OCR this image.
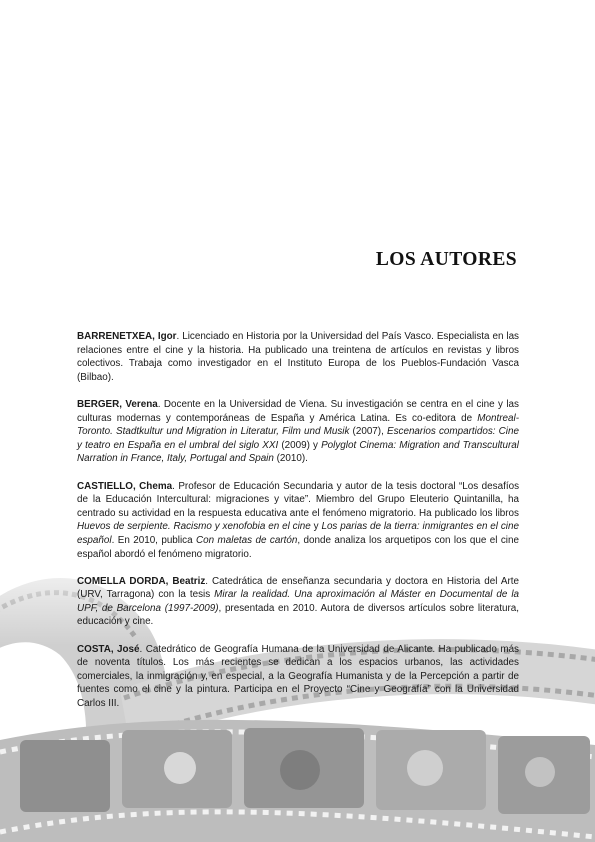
LOS AUTORES

BARRENETXEA, Igor. Licenciado en Historia por la Universidad del País Vasco. Especialista en las relaciones entre el cine y la historia. Ha publicado una treintena de artículos en revistas y libros colectivos. Trabaja como investigador en el Instituto Europa de los Pueblos-Fundación Vasca (Bilbao).

BERGER, Verena. Docente en la Universidad de Viena. Su investigación se centra en el cine y las culturas modernas y contemporáneas de España y América Latina. Es co-editora de Montreal-Toronto. Stadtkultur und Migration in Literatur, Film und Musik (2007), Escenarios compartidos: Cine y teatro en España en el umbral del siglo XXI (2009) y Polyglot Cinema: Migration and Transcultural Narration in France, Italy, Portugal and Spain (2010).

CASTIELLO, Chema. Profesor de Educación Secundaria y autor de la tesis doctoral “Los desafíos de la Educación Intercultural: migraciones y vitae”. Miembro del Grupo Eleuterio Quintanilla, ha centrado su actividad en la respuesta educativa ante el fenómeno migratorio. Ha publicado los libros Huevos de serpiente. Racismo y xenofobia en el cine y Los parias de la tierra: inmigrantes en el cine español. En 2010, publica Con maletas de cartón, donde analiza los arquetipos con los que el cine español abordó el fenómeno migratorio.

COMELLA DORDA, Beatriz. Catedrática de enseñanza secundaria y doctora en Historia del Arte (URV, Tarragona) con la tesis Mirar la realidad. Una aproximación al Máster en Documental de la UPF, de Barcelona (1997-2009), presentada en 2010. Autora de diversos artículos sobre literatura, educación y cine.

COSTA, José. Catedrático de Geografía Humana de la Universidad de Alicante. Ha publicado más de noventa títulos. Los más recientes se dedican a los espacios urbanos, las actividades comerciales, la inmigración y, en especial, a la Geografía Humanista y de la Percepción a partir de fuentes como el cine y la pintura. Participa en el Proyecto “Cine y Geografía” con la Universidad Carlos III.
